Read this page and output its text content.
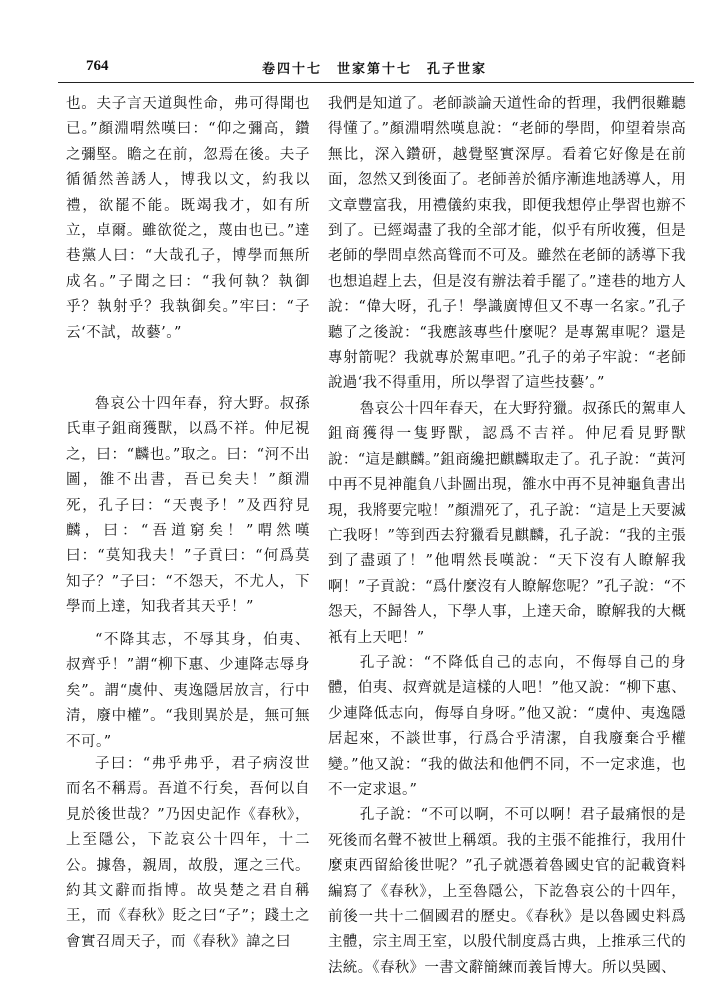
764	卷四十七　世家第十七　孔子世家

也。夫子言天道與性命，弗可得聞也已。”顏淵喟然嘆曰：“仰之彌高，鑽之彌堅。瞻之在前，忽焉在後。夫子循循然善誘人，博我以文，約我以禮，欲罷不能。既竭我才，如有所立，卓爾。雖欲從之，蔑由也已。”達巷黨人曰：“大哉孔子，博學而無所成名。”子聞之曰：“我何執？執御乎？執射乎？我執御矣。”牢曰：“子云‘不試，故藝’。”

魯哀公十四年春，狩大野。叔孫氏車子鉏商獲獸，以爲不祥。仲尼視之，曰：“麟也。”取之。曰：“河不出圖，雒不出書，吾已矣夫！”顏淵死，孔子曰：“天喪予！”及西狩見麟，曰：“吾道窮矣！”喟然嘆曰：“莫知我夫！”子貢曰：“何爲莫知子？”子曰：“不怨天，不尤人，下學而上達，知我者其天乎！”

“不降其志，不辱其身，伯夷、叔齊乎！”謂“柳下惠、少連降志辱身矣”。謂“虞仲、夷逸隱居放言，行中清，廢中權”。“我則異於是，無可無不可。”

子曰：“弗乎弗乎，君子病沒世而名不稱焉。吾道不行矣，吾何以自見於後世哉？”乃因史記作《春秋》，上至隱公，下訖哀公十四年，十二公。據魯，親周，故殷，運之三代。約其文辭而指博。故吳楚之君自稱王，而《春秋》貶之曰“子”；踐土之會實召周天子，而《春秋》諱之曰

我們是知道了。老師談論天道性命的哲理，我們很難聽得懂了。”顏淵喟然嘆息說：“老師的學問，仰望着崇高無比，深入鑽研，越覺堅實深厚。看着它好像是在前面，忽然又到後面了。老師善於循序漸進地誘導人，用文章豐富我，用禮儀約束我，即便我想停止學習也辦不到了。已經竭盡了我的全部才能，似乎有所收獲，但是老師的學問卓然高聳而不可及。雖然在老師的誘導下我也想追趕上去，但是沒有辦法着手罷了。”達巷的地方人說：“偉大呀，孔子！學識廣博但又不專一名家。”孔子聽了之後說：“我應該專些什麼呢？是專駕車呢？還是專射箭呢？我就專於駕車吧。”孔子的弟子牢說：“老師說過‘我不得重用，所以學習了這些技藝’。”

魯哀公十四年春天，在大野狩獵。叔孫氏的駕車人鉏商獲得一隻野獸，認爲不吉祥。仲尼看見野獸說：“這是麒麟。”鉏商纔把麒麟取走了。孔子說：“黃河中再不見神龍負八卦圖出現，雒水中再不見神龜負書出現，我將要完啦！”顏淵死了，孔子說：“這是上天要滅亡我呀！”等到西去狩獵看見麒麟，孔子說：“我的主張到了盡頭了！”他喟然長嘆說：“天下沒有人瞭解我啊！”子貢說：“爲什麼沒有人瞭解您呢？”孔子說：“不怨天，不歸咎人，下學人事，上達天命，瞭解我的大概衹有上天吧！”

孔子說：“不降低自己的志向，不侮辱自己的身體，伯夷、叔齊就是這樣的人吧！”他又說：“柳下惠、少連降低志向，侮辱自身呀。”他又說：“虞仲、夷逸隱居起來，不談世事，行爲合乎清潔，自我廢棄合乎權變。”他又說：“我的做法和他們不同，不一定求進，也不一定求退。”

孔子說：“不可以啊，不可以啊！君子最痛恨的是死後而名聲不被世上稱頌。我的主張不能推行，我用什麼東西留給後世呢？”孔子就憑着魯國史官的記載資料編寫了《春秋》，上至魯隱公，下訖魯哀公的十四年，前後一共十二個國君的歷史。《春秋》是以魯國史料爲主體，宗主周王室，以殷代制度爲古典，上推承三代的法統。《春秋》一書文辭簡練而義旨博大。所以吳國、
